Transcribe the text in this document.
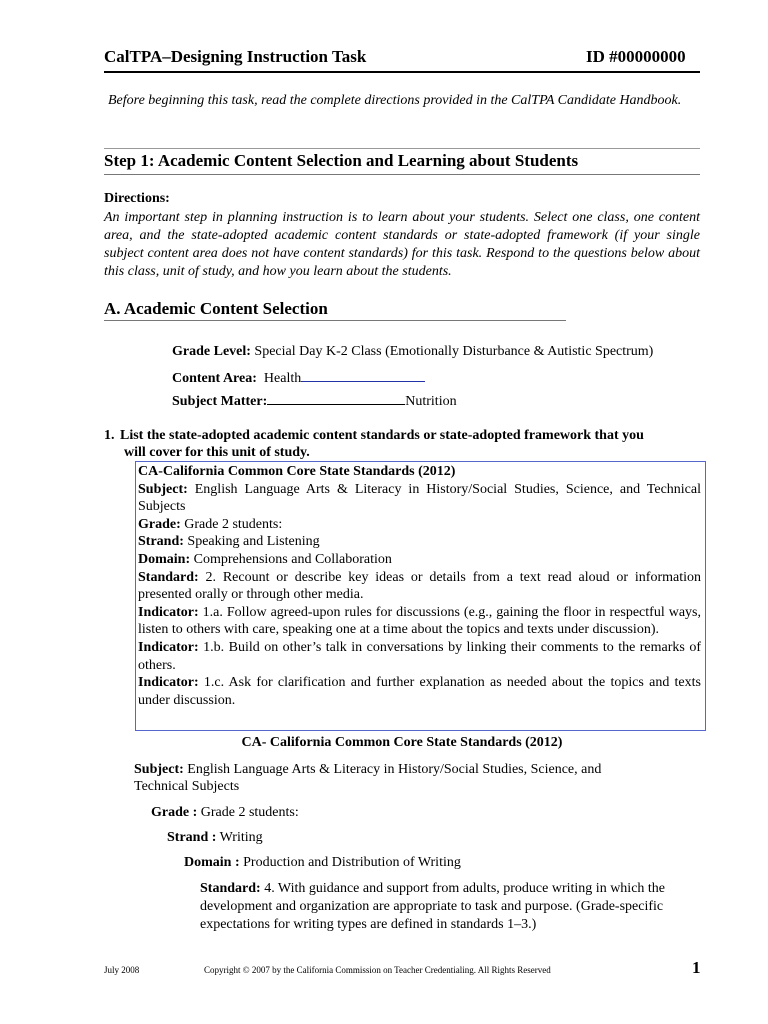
CalTPA–Designing Instruction Task	ID #00000000
Before beginning this task, read the complete directions provided in the CalTPA Candidate Handbook.
Step 1: Academic Content Selection and Learning about Students
Directions:
An important step in planning instruction is to learn about your students. Select one class, one content area, and the state-adopted academic content standards or state-adopted framework (if your single subject content area does not have content standards) for this task. Respond to the questions below about this class, unit of study, and how you learn about the students.
A. Academic Content Selection
Grade Level: Special Day K-2 Class (Emotionally Disturbance & Autistic Spectrum)
Content Area: Health
Subject Matter:	Nutrition
1. List the state-adopted academic content standards or state-adopted framework that you
will cover for this unit of study.

CA-California Common Core State Standards (2012)

Subject: English Language Arts & Literacy in History/Social Studies, Science, and Technical Subjects

Grade: Grade 2 students:

Strand: Speaking and Listening

Domain: Comprehensions and Collaboration

Standard: 2. Recount or describe key ideas or details from a text read aloud or information presented orally or through other media.

Indicator: 1.a. Follow agreed-upon rules for discussions (e.g., gaining the floor in respectful ways, listen to others with care, speaking one at a time about the topics and texts under discussion).

Indicator: 1.b. Build on other’s talk in conversations by linking their comments to the remarks of others.

Indicator: 1.c. Ask for clarification and further explanation as needed about the topics and texts under discussion.

CA- California Common Core State Standards (2012)
Subject: English Language Arts & Literacy in History/Social Studies, Science, and Technical Subjects
Grade : Grade 2 students:
Strand : Writing
Domain : Production and Distribution of Writing
Standard: 4. With guidance and support from adults, produce writing in which the development and organization are appropriate to task and purpose. (Grade-specific expectations for writing types are defined in standards 1–3.)
July 2008	Copyright © 2007 by the California Commission on Teacher Credentialing. All Rights Reserved	1
